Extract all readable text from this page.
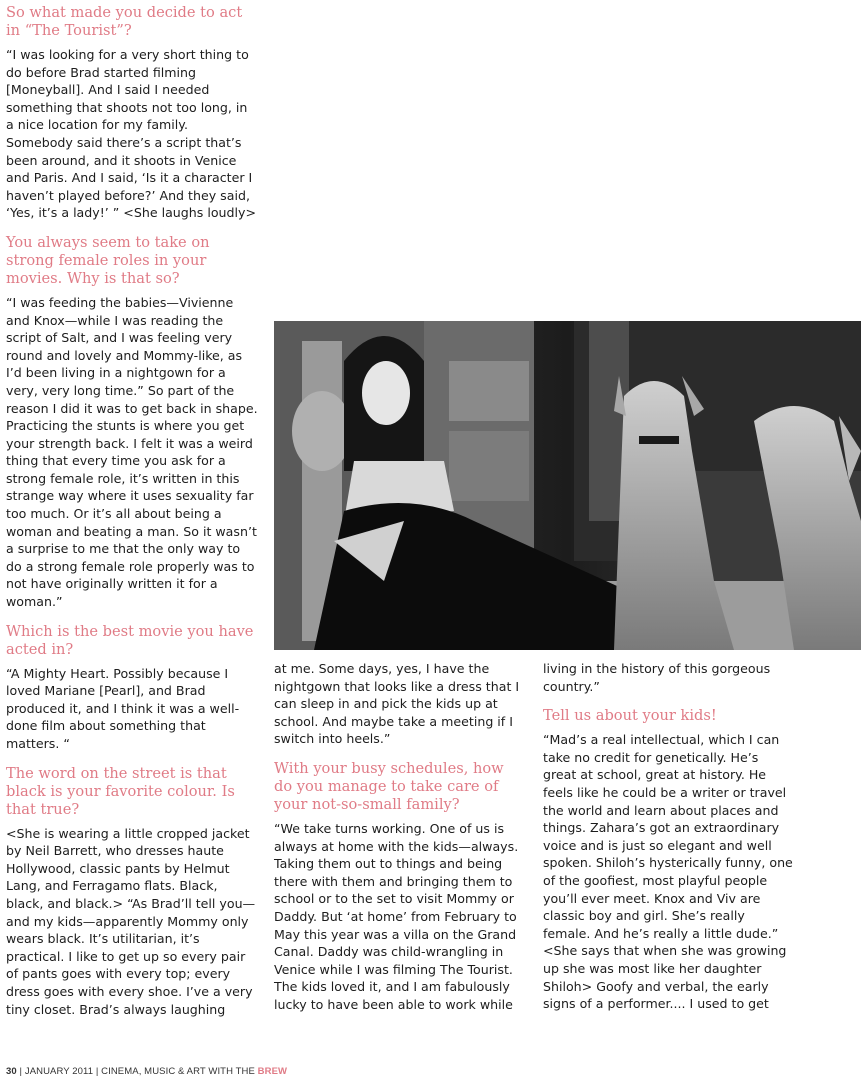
So what made you decide to act in “The Tourist”?

“I was looking for a very short thing to do before Brad started filming [Moneyball]. And I said I needed something that shoots not too long, in a nice location for my family. Somebody said there’s a script that’s been around, and it shoots in Venice and Paris. And I said, ‘Is it a character I haven’t played before?’ And they said, ‘Yes, it’s a lady!’ ” <She laughs loudly>

You always seem to take on strong female roles in your movies. Why is that so?

“I was feeding the babies—Vivienne and Knox—while I was reading the script of Salt, and I was feeling very round and lovely and Mommy-like, as I’d been living in a nightgown for a very, very long time.” So part of the reason I did it was to get back in shape. Practicing the stunts is where you get your strength back. I felt it was a weird thing that every time you ask for a strong female role, it’s written in this strange way where it uses sexuality far too much. Or it’s all about being a woman and beating a man. So it wasn’t a surprise to me that the only way to do a strong female role properly was to not have originally written it for a woman.”

Which is the best movie you have acted in?

“A Mighty Heart. Possibly because I loved Mariane [Pearl], and Brad produced it, and I think it was a well-done film about something that matters. “

The word on the street is that black is your favorite colour. Is that true?

<She is wearing a little cropped jacket by Neil Barrett, who dresses haute Hollywood, classic pants by Helmut Lang, and Ferragamo flats. Black, black, and black.> “As Brad’ll tell you—and my kids—apparently Mommy only wears black. It’s utilitarian, it’s practical. I like to get up so every pair of pants goes with every top; every dress goes with every shoe. I’ve a very tiny closet. Brad’s always laughing

at me. Some days, yes, I have the nightgown that looks like a dress that I can sleep in and pick the kids up at school. And maybe take a meeting if I switch into heels.”

With your busy schedules, how do you manage to take care of your not-so-small family?

“We take turns working. One of us is always at home with the kids—always. Taking them out to things and being there with them and bringing them to school or to the set to visit Mommy or Daddy. But ‘at home’ from February to May this year was a villa on the Grand Canal. Daddy was child-wrangling in Venice while I was filming The Tourist. The kids loved it, and I am fabulously lucky to have been able to work while

living in the history of this gorgeous country.”

Tell us about your kids!

“Mad’s a real intellectual, which I can take no credit for genetically. He’s great at school, great at history. He feels like he could be a writer or travel the world and learn about places and things. Zahara’s got an extraordinary voice and is just so elegant and well spoken. Shiloh’s hysterically funny, one of the goofiest, most playful people you’ll ever meet. Knox and Viv are classic boy and girl. She’s really female. And he’s really a little dude.” <She says that when she was growing up she was most like her daughter Shiloh> Goofy and verbal, the early signs of a performer.... I used to get

30 | JANUARY 2011 | CINEMA, MUSIC & ART WITH THE BREW
